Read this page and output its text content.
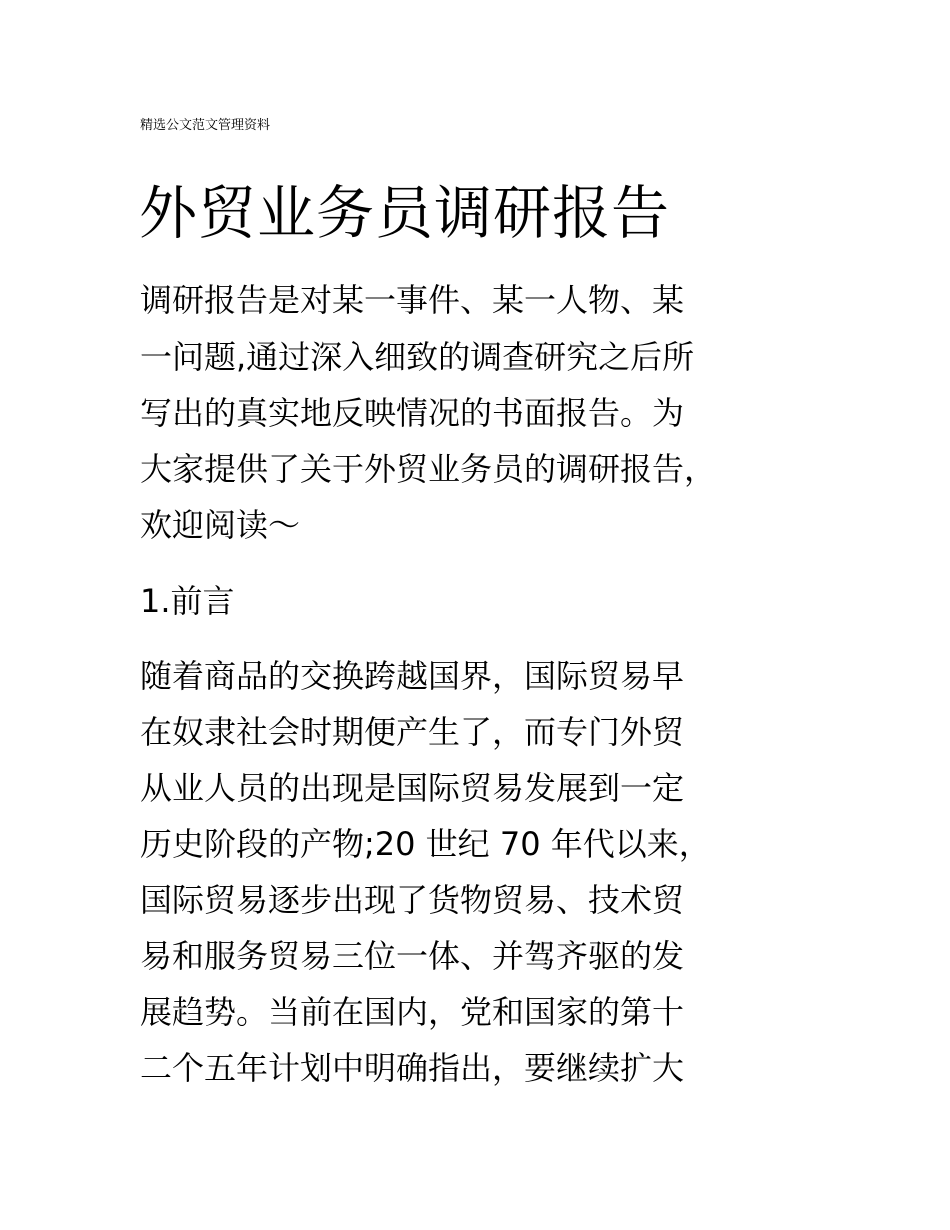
精选公文范文管理资料
外贸业务员调研报告

调研报告是对某一事件、某一人物、某

一问题,通过深入细致的调查研究之后所

写出的真实地反映情况的书面报告。为

大家提供了关于外贸业务员的调研报告，

欢迎阅读～

1.前言

随着商品的交换跨越国界，国际贸易早

在奴隶社会时期便产生了，而专门外贸

从业人员的出现是国际贸易发展到一定

历史阶段的产物;20 世纪 70 年代以来，

国际贸易逐步出现了货物贸易、技术贸

易和服务贸易三位一体、并驾齐驱的发

展趋势。当前在国内，党和国家的第十

二个五年计划中明确指出，要继续扩大
